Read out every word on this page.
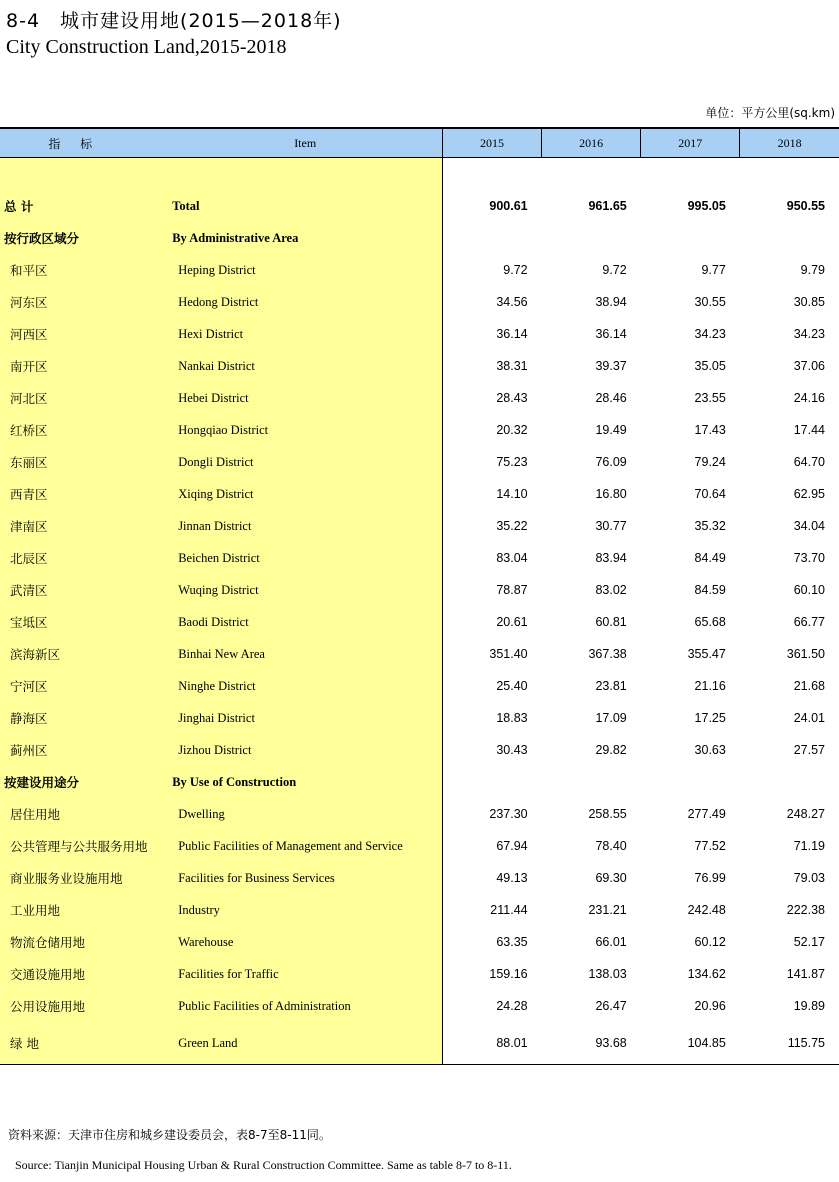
8-4　城市建设用地(2015—2018年)
City Construction Land,2015-2018
单位：平方公里(sq.km)
指 标	Item	2015	2016	2017	2018

总 计	Total	900.61	961.65	995.05	950.55
按行政区域分	By Administrative Area				
和平区	Heping District	9.72	9.72	9.77	9.79
河东区	Hedong District	34.56	38.94	30.55	30.85
河西区	Hexi District	36.14	36.14	34.23	34.23
南开区	Nankai District	38.31	39.37	35.05	37.06
河北区	Hebei District	28.43	28.46	23.55	24.16
红桥区	Hongqiao District	20.32	19.49	17.43	17.44
东丽区	Dongli District	75.23	76.09	79.24	64.70
西青区	Xiqing District	14.10	16.80	70.64	62.95
津南区	Jinnan District	35.22	30.77	35.32	34.04
北辰区	Beichen District	83.04	83.94	84.49	73.70
武清区	Wuqing District	78.87	83.02	84.59	60.10
宝坻区	Baodi District	20.61	60.81	65.68	66.77
滨海新区	Binhai New Area	351.40	367.38	355.47	361.50
宁河区	Ninghe District	25.40	23.81	21.16	21.68
静海区	Jinghai District	18.83	17.09	17.25	24.01
蓟州区	Jizhou District	30.43	29.82	30.63	27.57
按建设用途分	By Use of Construction				
居住用地	Dwelling	237.30	258.55	277.49	248.27
公共管理与公共服务用地	Public Facilities of Management and Service	67.94	78.40	77.52	71.19
商业服务业设施用地	Facilities for Business Services	49.13	69.30	76.99	79.03
工业用地	Industry	211.44	231.21	242.48	222.38
物流仓储用地	Warehouse	63.35	66.01	60.12	52.17
交通设施用地	Facilities for Traffic	159.16	138.03	134.62	141.87
公用设施用地	Public Facilities of Administration	24.28	26.47	20.96	19.89
绿 地	Green Land	88.01	93.68	104.85	115.75
资料来源：天津市住房和城乡建设委员会，表8-7至8-11同。
Source: Tianjin Municipal Housing Urban & Rural Construction Committee. Same as table 8-7 to 8-11.
